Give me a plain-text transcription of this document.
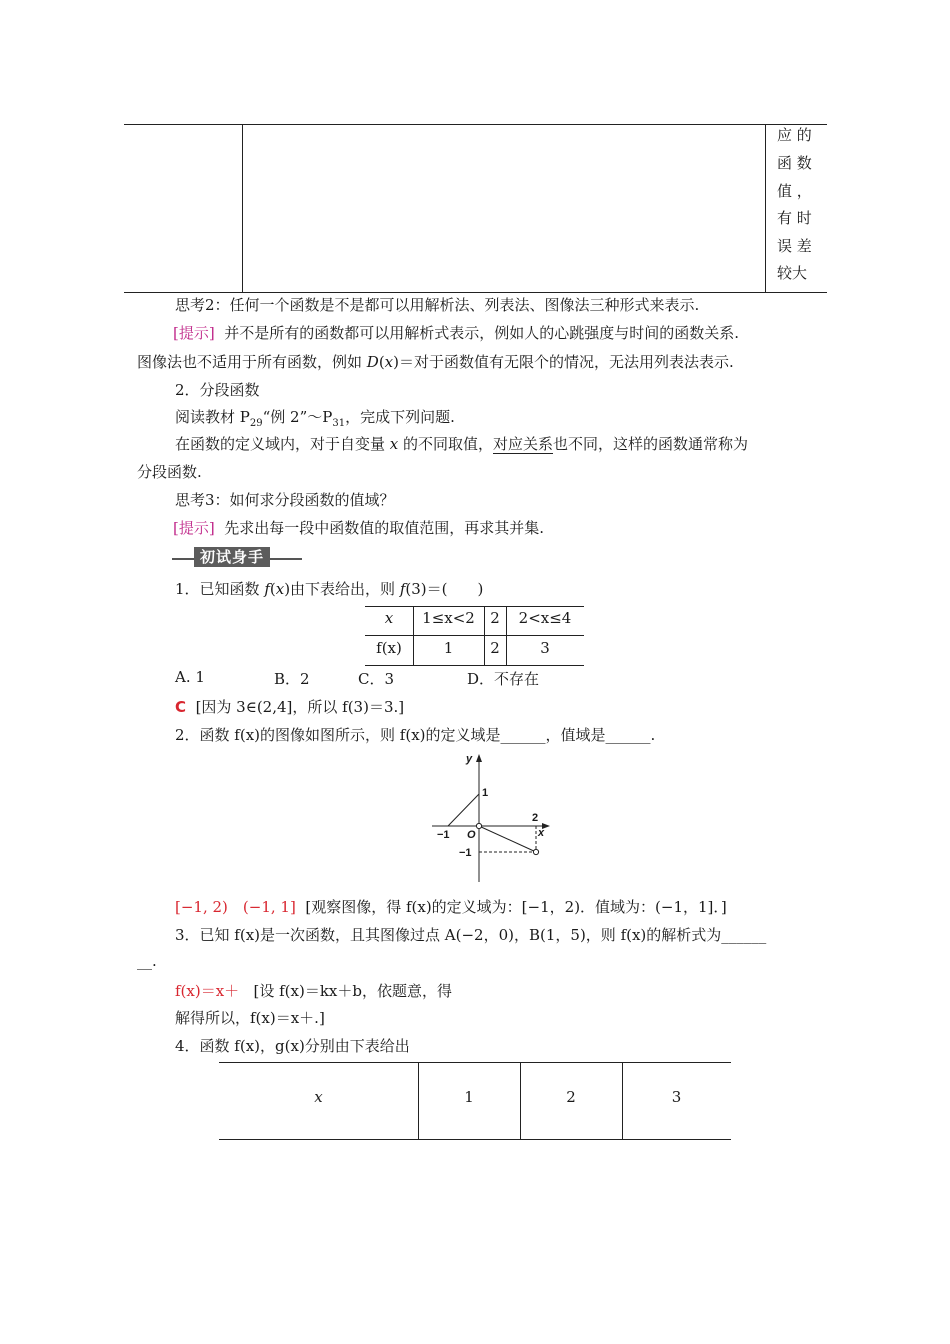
应 的
函 数
值 ，
有 时
误 差
较大
思考2：任何一个函数是不是都可以用解析法、列表法、图像法三种形式来表示.
[提示] 并不是所有的函数都可以用解析式表示，例如人的心跳强度与时间的函数关系.
图像法也不适用于所有函数，例如 D(x)＝对于函数值有无限个的情况，无法用列表法表示.
2．分段函数
阅读教材 $P_{29}“$例 $2”\sim P_{31}$，完成下列问题.
在函数的定义域内，对于自变量 x 的不同取值，对应关系也不同，这样的函数通常称为
分段函数.
思考3：如何求分段函数的值域？
[提示] 先求出每一段中函数值的取值范围，再求其并集.
初试身手
1．已知函数 f(x)由下表给出，则 f(3)＝(　　)
x	1≤x<2	2	2<x≤4
f(x)	1	2	3
A. 1	B．2	C．3	D．不存在
C [因为 3∈(2,4]，所以 f(3)＝3.]
2．函数 f(x)的图像如图所示，则 f(x)的定义域是______，值域是______.
y
x
O
1
−1
−1
2
[−1, 2)　(−1, 1] [观察图像，得 f(x)的定义域为：[−1，2)．值域为：(−1，1]．]
3．已知 f(x)是一次函数，且其图像过点 A(−2，0)，B(1，5)，则 f(x)的解析式为______
__.
f(x)＝x＋ [设 f(x)＝kx＋b，依题意，得
解得所以，f(x)＝x＋.]
4．函数 f(x)，g(x)分别由下表给出
x	1	2	3
